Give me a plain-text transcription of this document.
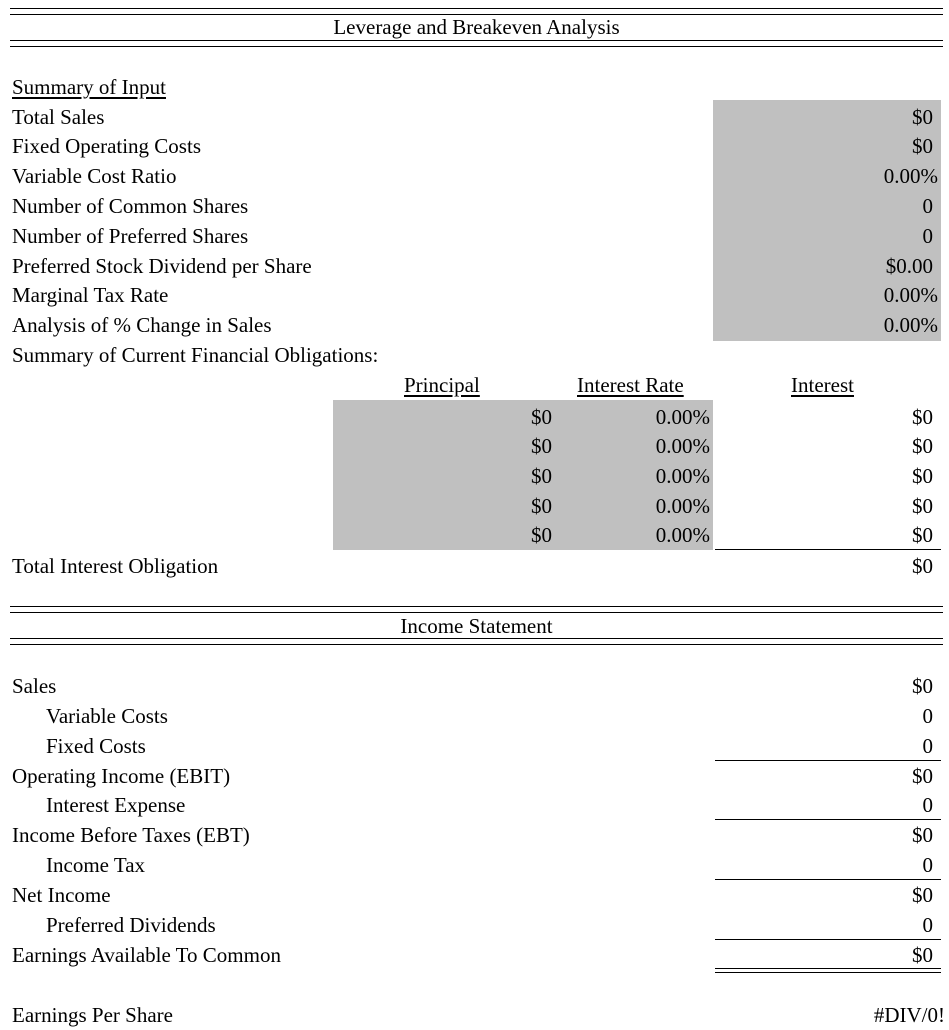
Leverage and Breakeven Analysis
Summary of Input
Total Sales	$0
Fixed Operating Costs	$0
Variable Cost Ratio	0.00%
Number of Common Shares	0
Number of Preferred Shares	0
Preferred Stock Dividend per Share	$0.00
Marginal Tax Rate	0.00%
Analysis of % Change in Sales	0.00%
Summary of Current Financial Obligations:
Principal	Interest Rate	Interest
$0	0.00%	$0
$0	0.00%	$0
$0	0.00%	$0
$0	0.00%	$0
$0	0.00%	$0
Total Interest Obligation	$0
Income Statement
Sales	$0
Variable Costs	0
Fixed Costs	0
Operating Income (EBIT)	$0
Interest Expense	0
Income Before Taxes (EBT)	$0
Income Tax	0
Net Income	$0
Preferred Dividends	0
Earnings Available To Common	$0
Earnings Per Share	#DIV/0!
